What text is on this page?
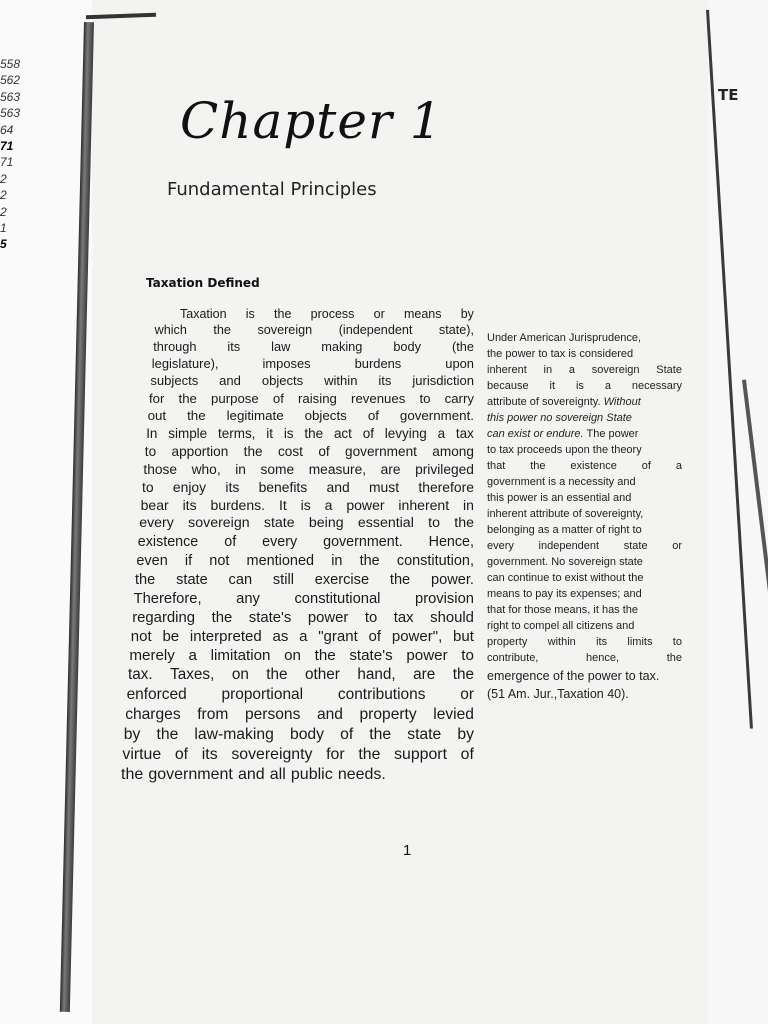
TE
558
562
563
563
64
71
71
2
2
2
1
5
Chapter 1
Fundamental Principles
Taxation Defined
Taxation is the process or means by
which the sovereign (independent state),
through its law making body (the
legislature),	imposes	burdens	upon
subjects and objects within its jurisdiction
for the purpose of raising revenues to carry
out the legitimate objects of government.
In simple terms, it is the act of levying a tax
to apportion the cost of government among
those who, in some measure, are privileged
to enjoy its benefits and must therefore
bear its burdens. It is a power inherent in
every sovereign state being essential to the
existence of every government. Hence,
even if not mentioned in the constitution,
the state can still exercise the power.
Therefore, any constitutional provision
regarding the state's power to tax should
not be interpreted as a "grant of power", but
merely a limitation on the state's power to
tax. Taxes, on the other hand, are the
enforced proportional contributions or
charges from persons and property levied
by the law-making body of the state by
virtue of its sovereignty for the support of
the government and all public needs.
Under American Jurisprudence,
the power to tax is considered
inherent in a sovereign State
because it is a necessary
attribute of sovereignty. Without
this power no sovereign State
can exist or endure. The power
to tax proceeds upon the theory
that the existence of a
government is a necessity and
this power is an essential and
inherent attribute of sovereignty,
belonging as a matter of right to
every independent state or
government. No sovereign state
can continue to exist without the
means to pay its expenses; and
that for those means, it has the
right to compel all citizens and
property within its limits to
contribute,	hence,	the
emergence of the power to tax.
(51 Am. Jur.,Taxation 40).
1
